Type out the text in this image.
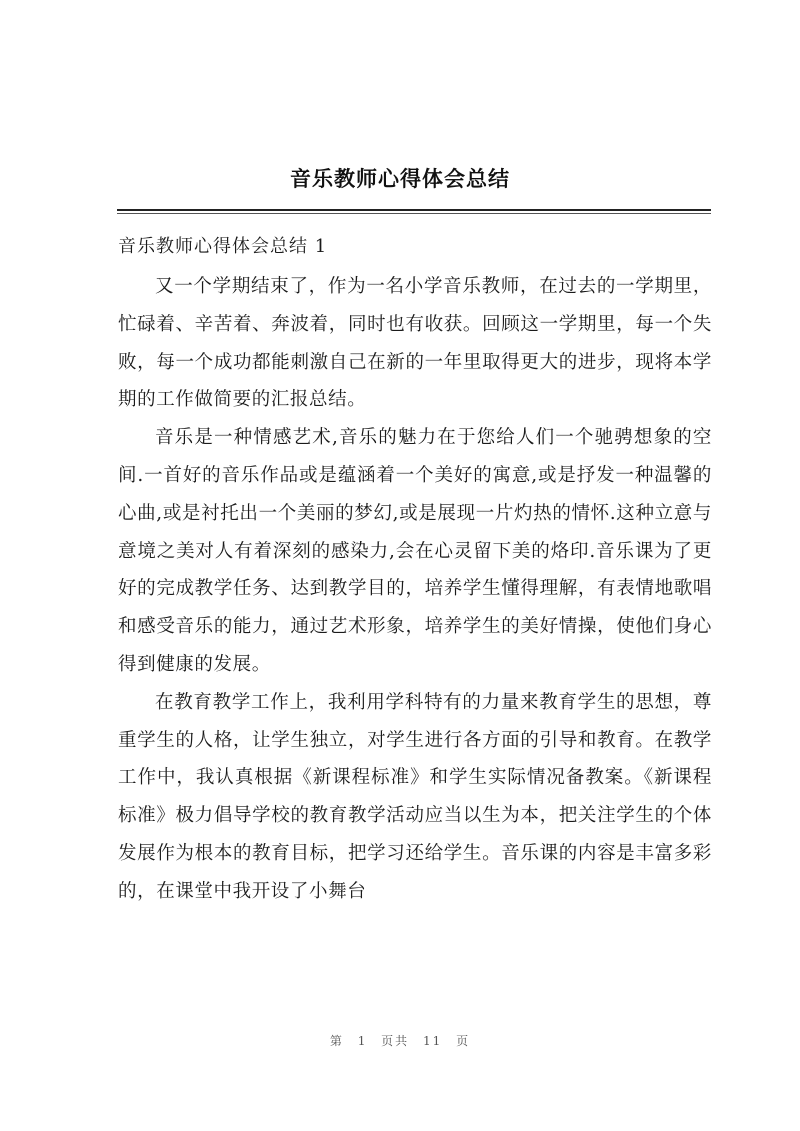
音乐教师心得体会总结
音乐教师心得体会总结 1

又一个学期结束了，作为一名小学音乐教师，在过去的一学期里，忙碌着、辛苦着、奔波着，同时也有收获。回顾这一学期里，每一个失败，每一个成功都能刺激自己在新的一年里取得更大的进步，现将本学期的工作做简要的汇报总结。

音乐是一种情感艺术,音乐的魅力在于您给人们一个驰骋想象的空间.一首好的音乐作品或是蕴涵着一个美好的寓意,或是抒发一种温馨的心曲,或是衬托出一个美丽的梦幻,或是展现一片灼热的情怀.这种立意与意境之美对人有着深刻的感染力,会在心灵留下美的烙印.音乐课为了更好的完成教学任务、达到教学目的，培养学生懂得理解，有表情地歌唱和感受音乐的能力，通过艺术形象，培养学生的美好情操，使他们身心得到健康的发展。

在教育教学工作上，我利用学科特有的力量来教育学生的思想，尊重学生的人格，让学生独立，对学生进行各方面的引导和教育。在教学工作中，我认真根据《新课程标准》和学生实际情况备教案。《新课程标准》极力倡导学校的教育教学活动应当以生为本，把关注学生的个体发展作为根本的教育目标，把学习还给学生。音乐课的内容是丰富多彩的，在课堂中我开设了小舞台

第 1 页共 11 页
